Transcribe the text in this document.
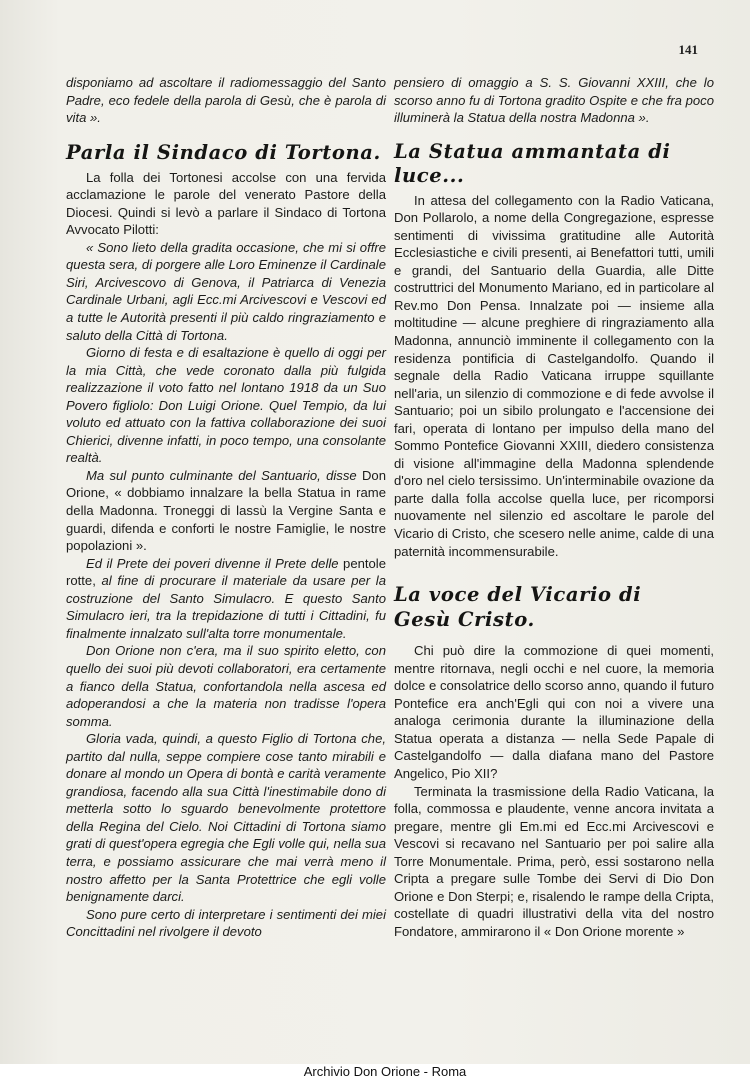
141

disponiamo ad ascoltare il radiomessaggio del Santo Padre, eco fedele della parola di Gesù, che è parola di vita ».

Parla il Sindaco di Tortona.

La folla dei Tortonesi accolse con una fervida acclamazione le parole del venerato Pastore della Diocesi. Quindi si levò a parlare il Sindaco di Tortona Avvocato Pilotti:

« Sono lieto della gradita occasione, che mi si offre questa sera, di porgere alle Loro Eminenze il Cardinale Siri, Arcivescovo di Genova, il Patriarca di Venezia Cardinale Urbani, agli Ecc.mi Arcivescovi e Vescovi ed a tutte le Autorità presenti il più caldo ringraziamento e saluto della Città di Tortona.

Giorno di festa e di esaltazione è quello di oggi per la mia Città, che vede coronato dalla più fulgida realizzazione il voto fatto nel lontano 1918 da un Suo Povero figliolo: Don Luigi Orione. Quel Tempio, da lui voluto ed attuato con la fattiva collaborazione dei suoi Chierici, divenne infatti, in poco tempo, una consolante realtà.

Ma sul punto culminante del Santuario, disse Don Orione, « dobbiamo innalzare la bella Statua in rame della Madonna. Troneggi di lassù la Vergine Santa e guardi, difenda e conforti le nostre Famiglie, le nostre popolazioni ».

Ed il Prete dei poveri divenne il Prete delle pentole rotte, al fine di procurare il materiale da usare per la costruzione del Santo Simulacro. E questo Santo Simulacro ieri, tra la trepidazione di tutti i Cittadini, fu finalmente innalzato sull'alta torre monumentale.

Don Orione non c'era, ma il suo spirito eletto, con quello dei suoi più devoti collaboratori, era certamente a fianco della Statua, confortandola nella ascesa ed adoperandosi a che la materia non tradisse l'opera somma.

Gloria vada, quindi, a questo Figlio di Tortona che, partito dal nulla, seppe compiere cose tanto mirabili e donare al mondo un Opera di bontà e carità veramente grandiosa, facendo alla sua Città l'inestimabile dono di metterla sotto lo sguardo benevolmente protettore della Regina del Cielo. Noi Cittadini di Tortona siamo grati di quest'opera egregia che Egli volle qui, nella sua terra, e possiamo assicurare che mai verrà meno il nostro affetto per la Santa Protettrice che egli volle benignamente darci.

Sono pure certo di interpretare i sentimenti dei miei Concittadini nel rivolgere il devoto

pensiero di omaggio a S. S. Giovanni XXIII, che lo scorso anno fu di Tortona gradito Ospite e che fra poco illuminerà la Statua della nostra Madonna ».

La Statua ammantata di luce...

In attesa del collegamento con la Radio Vaticana, Don Pollarolo, a nome della Congregazione, espresse sentimenti di vivissima gratitudine alle Autorità Ecclesiastiche e civili presenti, ai Benefattori tutti, umili e grandi, del Santuario della Guardia, alle Ditte costruttrici del Monumento Mariano, ed in particolare al Rev.mo Don Pensa. Innalzate poi — insieme alla moltitudine — alcune preghiere di ringraziamento alla Madonna, annunciò imminente il collegamento con la residenza pontificia di Castelgandolfo. Quando il segnale della Radio Vaticana irruppe squillante nell'aria, un silenzio di commozione e di fede avvolse il Santuario; poi un sibilo prolungato e l'accensione dei fari, operata di lontano per impulso della mano del Sommo Pontefice Giovanni XXIII, diedero consistenza di visione all'immagine della Madonna splendende d'oro nel cielo tersissimo. Un'interminabile ovazione da parte dalla folla accolse quella luce, per ricomporsi nuovamente nel silenzio ed ascoltare le parole del Vicario di Cristo, che scesero nelle anime, calde di una paternità incommensurabile.

La voce del Vicario di
Gesù Cristo.

Chi può dire la commozione di quei momenti, mentre ritornava, negli occhi e nel cuore, la memoria dolce e consolatrice dello scorso anno, quando il futuro Pontefice era anch'Egli qui con noi a vivere una analoga cerimonia durante la illuminazione della Statua operata a distanza — nella Sede Papale di Castelgandolfo — dalla diafana mano del Pastore Angelico, Pio XII?

Terminata la trasmissione della Radio Vaticana, la folla, commossa e plaudente, venne ancora invitata a pregare, mentre gli Em.mi ed Ecc.mi Arcivescovi e Vescovi si recavano nel Santuario per poi salire alla Torre Monumentale. Prima, però, essi sostarono nella Cripta a pregare sulle Tombe dei Servi di Dio Don Orione e Don Sterpi; e, risalendo le rampe della Cripta, costellate di quadri illustrativi della vita del nostro Fondatore, ammirarono il « Don Orione morente »

Archivio Don Orione - Roma
